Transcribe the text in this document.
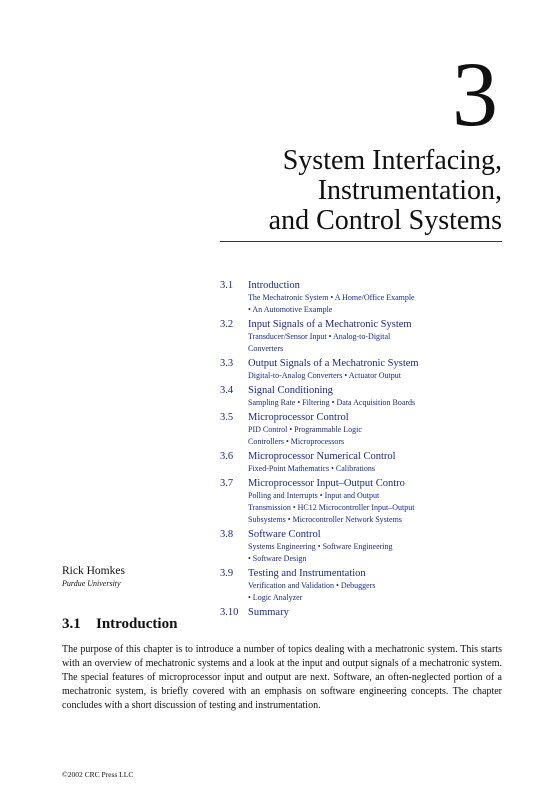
3
System Interfacing,
Instrumentation,
and Control Systems
3.1 Introduction
The Mechatronic System • A Home/Office Example
• An Automotive Example
3.2 Input Signals of a Mechatronic System
Transducer/Sensor Input • Analog-to-Digital
Converters
3.3 Output Signals of a Mechatronic System
Digital-to-Analog Converters • Actuator Output
3.4 Signal Conditioning
Sampling Rate • Filtering • Data Acquisition Boards
3.5 Microprocessor Control
PID Control • Programmable Logic
Controllers • Microprocessors
3.6 Microprocessor Numerical Control
Fixed-Point Mathematics • Calibrations
3.7 Microprocessor Input–Output Contro
Polling and Interrupts • Input and Output
Transmission • HC12 Microcontroller Input–Output
Subsystems • Microcontroller Network Systems
3.8 Software Control
Systems Engineering • Software Engineering
• Software Design
3.9 Testing and Instrumentation
Verification and Validation • Debuggers
• Logic Analyzer
3.10 Summary
Rick Homkes
Purdue University
3.1 Introduction

The purpose of this chapter is to introduce a number of topics dealing with a mechatronic system. This starts with an overview of mechatronic systems and a look at the input and output signals of a mechatronic system. The special features of microprocessor input and output are next. Software, an often-neglected portion of a mechatronic system, is briefly covered with an emphasis on software engineering concepts. The chapter concludes with a short discussion of testing and instrumentation.

©2002 CRC Press LLC
